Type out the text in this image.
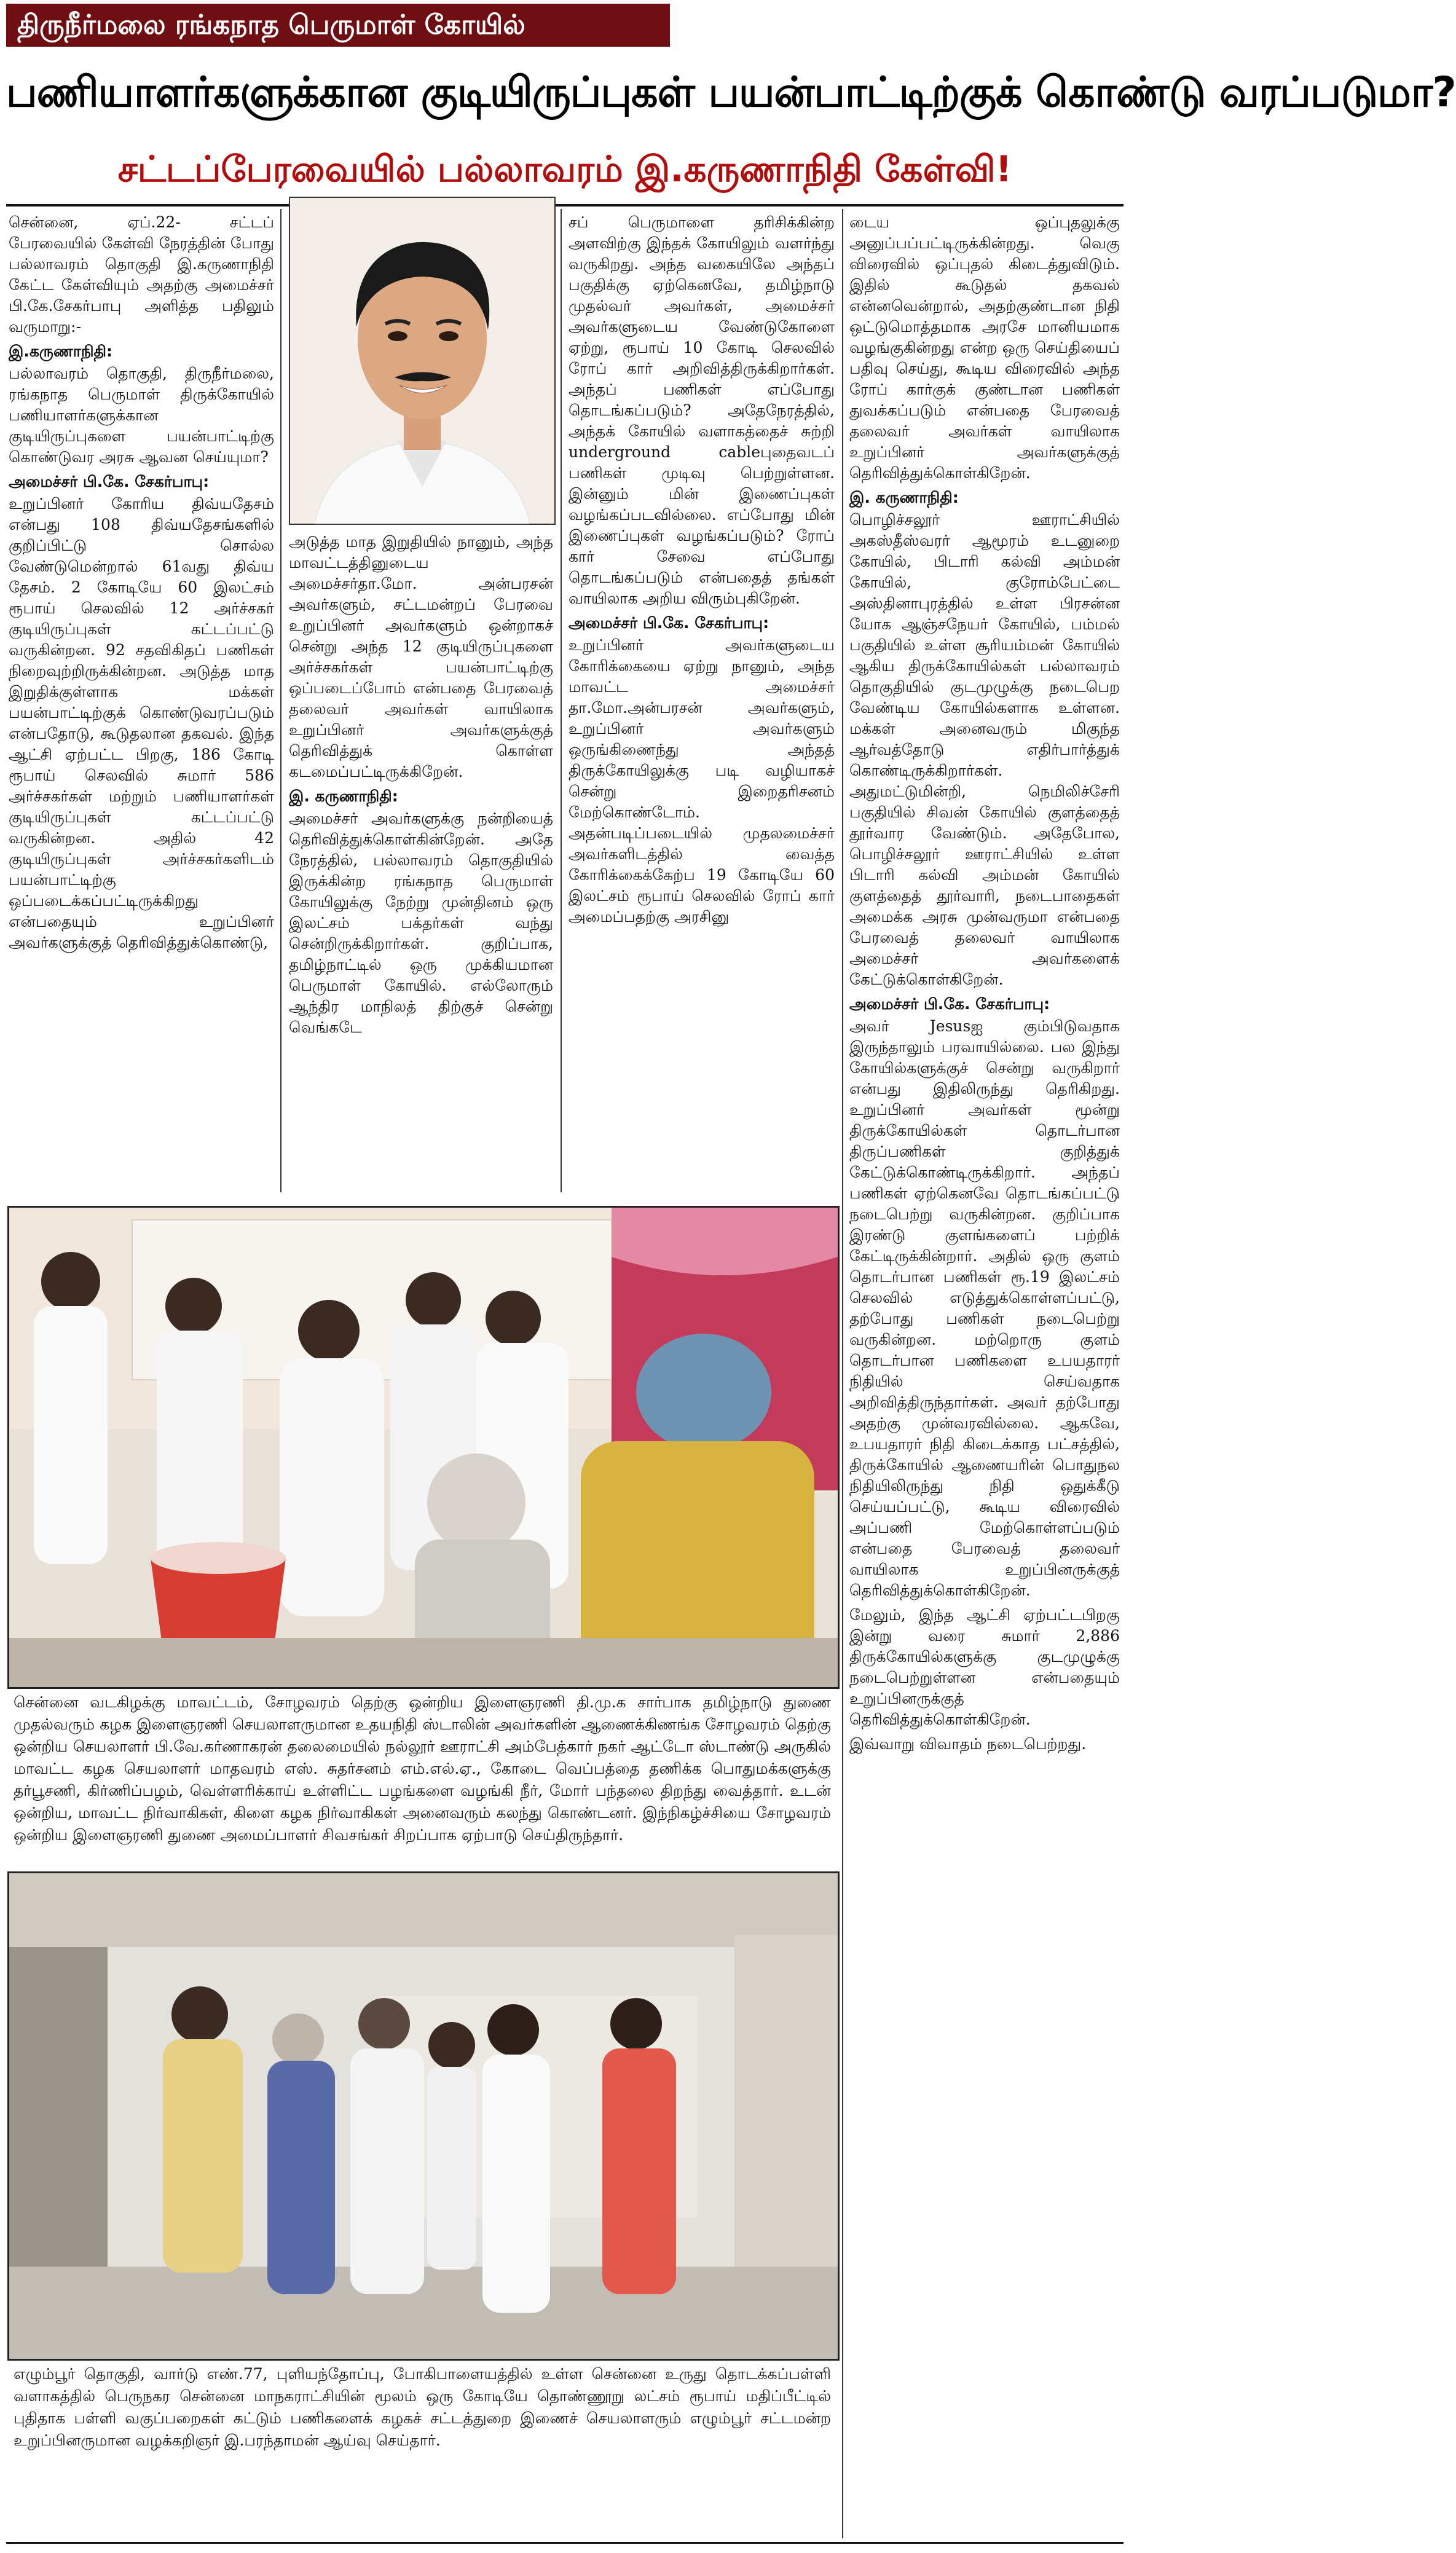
திருநீர்மலை ரங்கநாத பெருமாள் கோயில்
பணியாளர்களுக்கான குடியிருப்புகள் பயன்பாட்டிற்குக் கொண்டு வரப்படுமா?
சட்டப்பேரவையில் பல்லாவரம் இ.கருணாநிதி கேள்வி!

சென்னை, ஏப்.22- சட்டப் பேரவையில் கேள்வி நேரத்தின் போது பல்லாவரம் தொகுதி இ.கருணாநிதி கேட்ட கேள்வியும் அதற்கு அமைச்சர் பி.கே.சேகர்பாபு அளித்த பதிலும் வருமாறு:-

இ.கருணாநிதி:

பல்லாவரம் தொகுதி, திருநீர்மலை, ரங்கநாத பெருமாள் திருக்கோயில் பணியாளர்களுக்கான குடியிருப்புகளை பயன்பாட்டிற்கு கொண்டுவர அரசு ஆவன செய்யுமா?

அமைச்சர் பி.கே. சேகர்பாபு:

உறுப்பினர் கோரிய திவ்யதேசம் என்பது 108 திவ்யதேசங்களில் குறிப்பிட்டு சொல்ல வேண்டுமென்றால் 61வது திவ்ய தேசம். 2 கோடியே 60 இலட்சம் ரூபாய் செலவில் 12 அர்ச்சகர் குடியிருப்புகள் கட்டப்பட்டு வருகின்றன. 92 சதவிகிதப் பணிகள் நிறைவுற்றிருக்கின்றன. அடுத்த மாத இறுதிக்குள்ளாக மக்கள் பயன்பாட்டிற்குக் கொண்டுவரப்படும் என்பதோடு, கூடுதலான தகவல். இந்த ஆட்சி ஏற்பட்ட பிறகு, 186 கோடி ரூபாய் செலவில் சுமார் 586 அர்ச்சகர்கள் மற்றும் பணியாளர்கள் குடியிருப்புகள் கட்டப்பட்டு வருகின்றன. அதில் 42 குடியிருப்புகள் அர்ச்சகர்களிடம் பயன்பாட்டிற்கு ஒப்படைக்கப்பட்டிருக்கிறது என்பதையும் உறுப்பினர் அவர்களுக்குத் தெரிவித்துக்கொண்டு,

அடுத்த மாத இறுதியில் நானும், அந்த மாவட்டத்தினுடைய அமைச்சர்தா.மோ. அன்பரசன் அவர்களும், சட்டமன்றப் பேரவை உறுப்பினர் அவர்களும் ஒன்றாகச் சென்று அந்த 12 குடியிருப்புகளை அர்ச்சகர்கள் பயன்பாட்டிற்கு ஒப்படைப்போம் என்பதை பேரவைத் தலைவர் அவர்கள் வாயிலாக உறுப்பினர் அவர்களுக்குத் தெரிவித்துக் கொள்ள கடமைப்பட்டிருக்கிறேன்.

இ. கருணாநிதி:

அமைச்சர் அவர்களுக்கு நன்றியைத் தெரிவித்துக்கொள்கின்றேன். அதே நேரத்தில், பல்லாவரம் தொகுதியில் இருக்கின்ற ரங்கநாத பெருமாள் கோயிலுக்கு நேற்று முன்தினம் ஒரு இலட்சம் பக்தர்கள் வந்து சென்றிருக்கிறார்கள். குறிப்பாக, தமிழ்நாட்டில் ஒரு முக்கியமான பெருமாள் கோயில். எல்லோரும் ஆந்திர மாநிலத் திற்குச் சென்று வெங்கடே

சப் பெருமாளை தரிசிக்கின்ற அளவிற்கு இந்தக் கோயிலும் வளர்ந்து வருகிறது. அந்த வகையிலே அந்தப் பகுதிக்கு ஏற்கெனவே, தமிழ்நாடு முதல்வர் அவர்கள், அமைச்சர் அவர்களுடைய வேண்டுகோளை ஏற்று, ரூபாய் 10 கோடி செலவில் ரோப் கார் அறிவித்திருக்கிறார்கள். அந்தப் பணிகள் எப்போது தொடங்கப்படும்? அதேநேரத்தில், அந்தக் கோயில் வளாகத்தைச் சுற்றி underground cableபுதைவடப் பணிகள் முடிவு பெற்றுள்ளன. இன்னும் மின் இணைப்புகள் வழங்கப்படவில்லை. எப்போது மின் இணைப்புகள் வழங்கப்படும்? ரோப் கார் சேவை எப்போது தொடங்கப்படும் என்பதைத் தங்கள் வாயிலாக அறிய விரும்புகிறேன்.

அமைச்சர் பி.கே. சேகர்பாபு:

உறுப்பினர் அவர்களுடைய கோரிக்கையை ஏற்று நானும், அந்த மாவட்ட அமைச்சர் தா.மோ.அன்பரசன் அவர்களும், உறுப்பினர் அவர்களும் ஒருங்கிணைந்து அந்தத் திருக்கோயிலுக்கு படி வழியாகச் சென்று இறைதரிசனம் மேற்கொண்டோம். அதன்படிப்படையில் முதலமைச்சர் அவர்களிடத்தில் வைத்த கோரிக்கைக்கேற்ப 19 கோடியே 60 இலட்சம் ரூபாய் செலவில் ரோப் கார் அமைப்பதற்கு அரசினு

டைய ஒப்புதலுக்கு அனுப்பப்பட்டிருக்கின்றது. வெகு விரைவில் ஒப்புதல் கிடைத்துவிடும். இதில் கூடுதல் தகவல் என்னவென்றால், அதற்குண்டான நிதி ஒட்டுமொத்தமாக அரசே மானியமாக வழங்குகின்றது என்ற ஒரு செய்தியைப் பதிவு செய்து, கூடிய விரைவில் அந்த ரோப் கார்குக் குண்டான பணிகள் துவக்கப்படும் என்பதை பேரவைத் தலைவர் அவர்கள் வாயிலாக உறுப்பினர் அவர்களுக்குத் தெரிவித்துக்கொள்கிறேன்.

இ. கருணாநிதி:

பொழிச்சலூர் ஊராட்சியில் அகஸ்தீஸ்வரர் ஆமூரம் உடனுறை கோயில், பிடாரி கல்வி அம்மன் கோயில், குரோம்பேட்டை அஸ்தினாபுரத்தில் உள்ள பிரசன்ன யோக ஆஞ்சநேயர் கோயில், பம்மல் பகுதியில் உள்ள சூரியம்மன் கோயில் ஆகிய திருக்கோயில்கள் பல்லாவரம் தொகுதியில் குடமுழுக்கு நடைபெற வேண்டிய கோயில்களாக உள்ளன. மக்கள் அனைவரும் மிகுந்த ஆர்வத்தோடு எதிர்பார்த்துக் கொண்டிருக்கிறார்கள். அதுமட்டுமின்றி, நெமிலிச்சேரி பகுதியில் சிவன் கோயில் குளத்தைத் தூர்வார வேண்டும். அதேபோல, பொழிச்சலூர் ஊராட்சியில் உள்ள பிடாரி கல்வி அம்மன் கோயில் குளத்தைத் தூர்வாரி, நடைபாதைகள் அமைக்க அரசு முன்வருமா என்பதை பேரவைத் தலைவர் வாயிலாக அமைச்சர் அவர்களைக் கேட்டுக்கொள்கிறேன்.

அமைச்சர் பி.கே. சேகர்பாபு:

அவர் Jesusஐ கும்பிடுவதாக இருந்தாலும் பரவாயில்லை. பல இந்து கோயில்களுக்குச் சென்று வருகிறார் என்பது இதிலிருந்து தெரிகிறது. உறுப்பினர் அவர்கள் மூன்று திருக்கோயில்கள் தொடர்பான திருப்பணிகள் குறித்துக் கேட்டுக்கொண்டிருக்கிறார். அந்தப் பணிகள் ஏற்கெனவே தொடங்கப்பட்டு நடைபெற்று வருகின்றன. குறிப்பாக இரண்டு குளங்களைப் பற்றிக் கேட்டிருக்கின்றார். அதில் ஒரு குளம் தொடர்பான பணிகள் ரூ.19 இலட்சம் செலவில் எடுத்துக்கொள்ளப்பட்டு, தற்போது பணிகள் நடைபெற்று வருகின்றன. மற்றொரு குளம் தொடர்பான பணிகளை உபயதாரர் நிதியில் செய்வதாக அறிவித்திருந்தார்கள். அவர் தற்போது அதற்கு முன்வரவில்லை. ஆகவே, உபயதாரர் நிதி கிடைக்காத பட்சத்தில், திருக்கோயில் ஆணையரின் பொதுநல நிதியிலிருந்து நிதி ஒதுக்கீடு செய்யப்பட்டு, கூடிய விரைவில் அப்பணி மேற்கொள்ளப்படும் என்பதை பேரவைத் தலைவர் வாயிலாக உறுப்பினருக்குத் தெரிவித்துக்கொள்கிறேன்.

மேலும், இந்த ஆட்சி ஏற்பட்டபிறகு இன்று வரை சுமார் 2,886 திருக்கோயில்களுக்கு குடமுழுக்கு நடைபெற்றுள்ளன என்பதையும் உறுப்பினருக்குத் தெரிவித்துக்கொள்கிறேன்.

இவ்வாறு விவாதம் நடைபெற்றது.

சென்னை வடகிழக்கு மாவட்டம், சோழவரம் தெற்கு ஒன்றிய இளைஞரணி தி.மு.க சார்பாக தமிழ்நாடு துணை முதல்வரும் கழக இளைஞரணி செயலாளருமான உதயநிதி ஸ்டாலின் அவர்களின் ஆணைக்கிணங்க சோழவரம் தெற்கு ஒன்றிய செயலாளர் பி.வே.கர்ணாகரன் தலைமையில் நல்லூர் ஊராட்சி அம்பேத்கார் நகர் ஆட்டோ ஸ்டாண்டு அருகில் மாவட்ட கழக செயலாளர் மாதவரம் எஸ். சுதர்சனம் எம்.எல்.ஏ., கோடை வெப்பத்தை தணிக்க பொதுமக்களுக்கு தர்பூசணி, கிர்ணிப்பழம், வெள்ளரிக்காய் உள்ளிட்ட பழங்களை வழங்கி நீர், மோர் பந்தலை திறந்து வைத்தார். உடன் ஒன்றிய, மாவட்ட நிர்வாகிகள், கிளை கழக நிர்வாகிகள் அனைவரும் கலந்து கொண்டனர். இந்நிகழ்ச்சியை சோழவரம் ஒன்றிய இளைஞரணி துணை அமைப்பாளர் சிவசங்கர் சிறப்பாக ஏற்பாடு செய்திருந்தார்.
எழும்பூர் தொகுதி, வார்டு எண்.77, புளியந்தோப்பு, போகிபாளையத்தில் உள்ள சென்னை உருது தொடக்கப்பள்ளி வளாகத்தில் பெருநகர சென்னை மாநகராட்சியின் மூலம் ஒரு கோடியே தொண்ணூறு லட்சம் ரூபாய் மதிப்பீட்டில் புதிதாக பள்ளி வகுப்பறைகள் கட்டும் பணிகளைக் கழகச் சட்டத்துறை இணைச் செயலாளரும் எழும்பூர் சட்டமன்ற உறுப்பினருமான வழக்கறிஞர் இ.பரந்தாமன் ஆய்வு செய்தார்.
